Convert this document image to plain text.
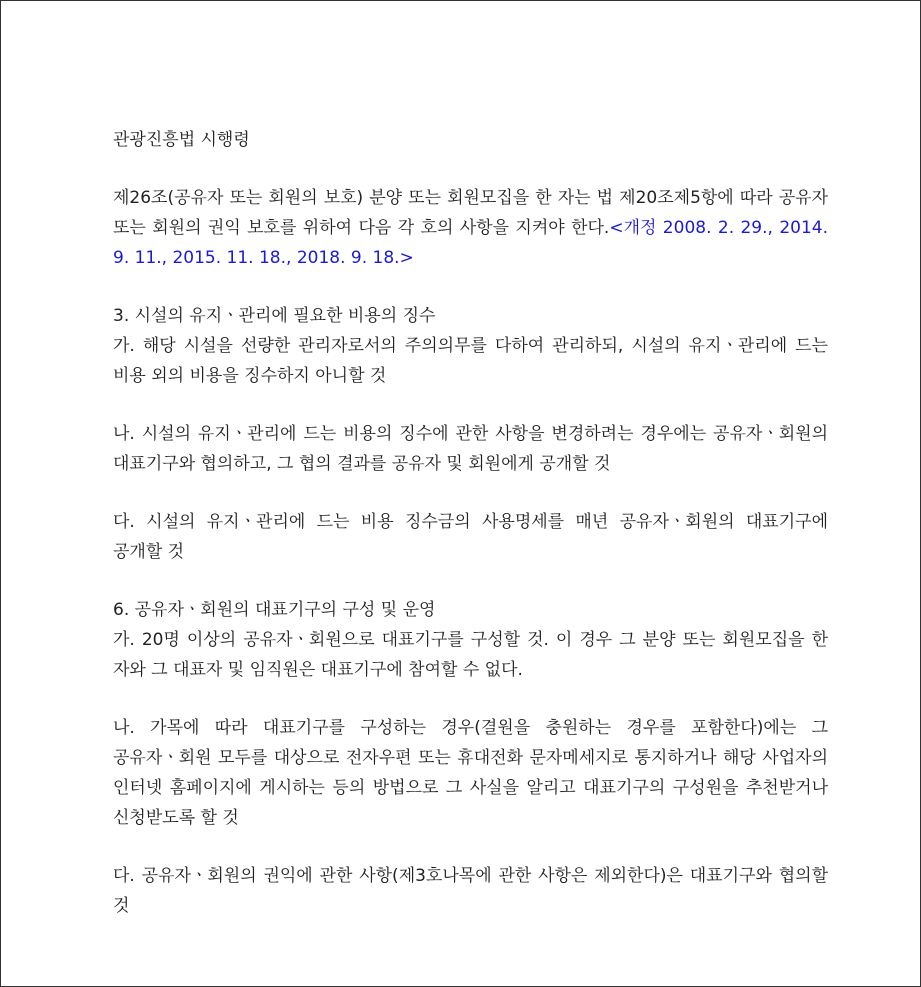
관광진흥법 시행령

제26조(공유자 또는 회원의 보호) 분양 또는 회원모집을 한 자는 법 제20조제5항에 따라 공유자 또는 회원의 권익 보호를 위하여 다음 각 호의 사항을 지켜야 한다.<개정 2008. 2. 29., 2014. 9. 11., 2015. 11. 18., 2018. 9. 18.>

3. 시설의 유지ㆍ관리에 필요한 비용의 징수

가. 해당 시설을 선량한 관리자로서의 주의의무를 다하여 관리하되, 시설의 유지ㆍ관리에 드는 비용 외의 비용을 징수하지 아니할 것

나. 시설의 유지ㆍ관리에 드는 비용의 징수에 관한 사항을 변경하려는 경우에는 공유자ㆍ회원의 대표기구와 협의하고, 그 협의 결과를 공유자 및 회원에게 공개할 것

다. 시설의 유지ㆍ관리에 드는 비용 징수금의 사용명세를 매년 공유자ㆍ회원의 대표기구에 공개할 것

6. 공유자ㆍ회원의 대표기구의 구성 및 운영

가. 20명 이상의 공유자ㆍ회원으로 대표기구를 구성할 것. 이 경우 그 분양 또는 회원모집을 한 자와 그 대표자 및 임직원은 대표기구에 참여할 수 없다.

나. 가목에 따라 대표기구를 구성하는 경우(결원을 충원하는 경우를 포함한다)에는 그 공유자ㆍ회원 모두를 대상으로 전자우편 또는 휴대전화 문자메세지로 통지하거나 해당 사업자의 인터넷 홈페이지에 게시하는 등의 방법으로 그 사실을 알리고 대표기구의 구성원을 추천받거나 신청받도록 할 것

다. 공유자ㆍ회원의 권익에 관한 사항(제3호나목에 관한 사항은 제외한다)은 대표기구와 협의할 것
